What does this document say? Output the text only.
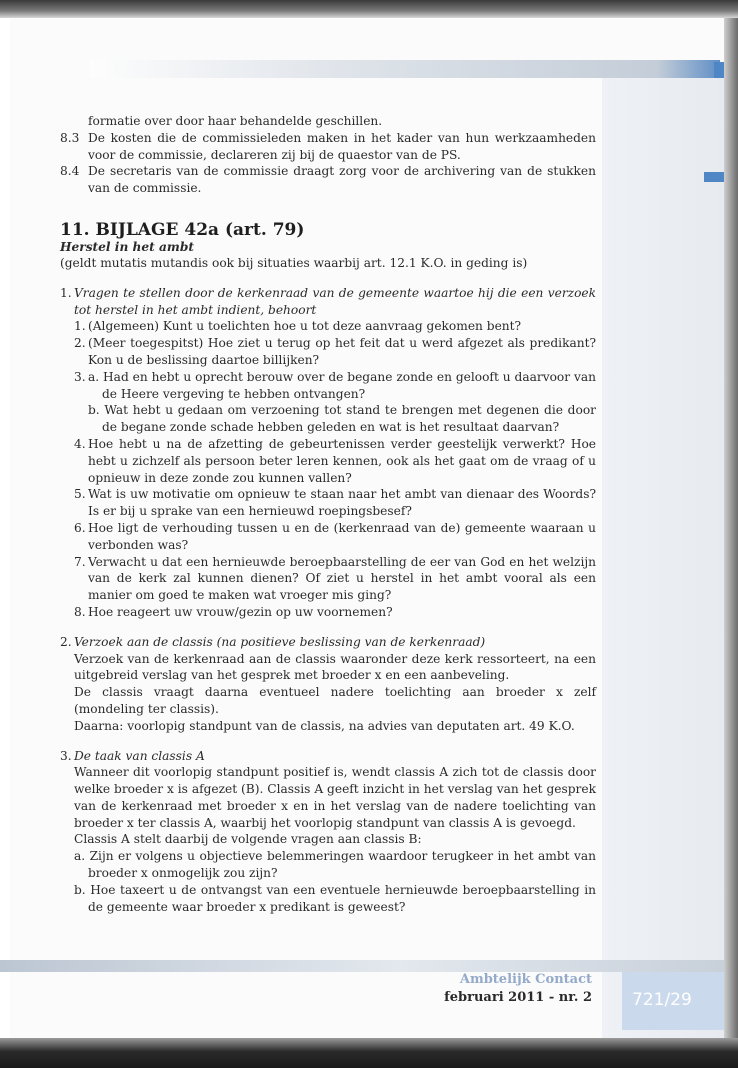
formatie over door haar behandelde geschillen.

8.3 De kosten die de commissieleden maken in het kader van hun werkzaamheden voor de commissie, declareren zij bij de quaestor van de PS.
8.4 De secretaris van de commissie draagt zorg voor de archivering van de stukken van de commissie.
11. BIJLAGE 42a (art. 79)

Herstel in het ambt

(geldt mutatis mutandis ook bij situaties waarbij art. 12.1 K.O. in geding is)

1. Vragen te stellen door de kerkenraad van de gemeente waartoe hij die een verzoek tot herstel in het ambt indient, behoort
1. (Algemeen) Kunt u toelichten hoe u tot deze aanvraag gekomen bent?
2. (Meer toegespitst) Hoe ziet u terug op het feit dat u werd afgezet als predikant? Kon u de beslissing daartoe billijken?
3. a. Had en hebt u oprecht berouw over de begane zonde en gelooft u daarvoor van de Heere vergeving te hebben ontvangen?
b. Wat hebt u gedaan om verzoening tot stand te brengen met degenen die door de begane zonde schade hebben geleden en wat is het resultaat daarvan?
4. Hoe hebt u na de afzetting de gebeurtenissen verder geestelijk verwerkt? Hoe hebt u zichzelf als persoon beter leren kennen, ook als het gaat om de vraag of u opnieuw in deze zonde zou kunnen vallen?
5. Wat is uw motivatie om opnieuw te staan naar het ambt van dienaar des Woords? Is er bij u sprake van een hernieuwd roepingsbesef?
6. Hoe ligt de verhouding tussen u en de (kerkenraad van de) gemeente waaraan u verbonden was?
7. Verwacht u dat een hernieuwde beroepbaarstelling de eer van God en het welzijn van de kerk zal kunnen dienen? Of ziet u herstel in het ambt vooral als een manier om goed te maken wat vroeger mis ging?
8. Hoe reageert uw vrouw/gezin op uw voornemen?
2. Verzoek aan de classis (na positieve beslissing van de kerkenraad)

Verzoek van de kerkenraad aan de classis waaronder deze kerk ressorteert, na een uitgebreid verslag van het gesprek met broeder x en een aanbeveling.

De classis vraagt daarna eventueel nadere toelichting aan broeder x zelf (mondeling ter classis).

Daarna: voorlopig standpunt van de classis, na advies van deputaten art. 49 K.O.

3. De taak van classis A

Wanneer dit voorlopig standpunt positief is, wendt classis A zich tot de classis door welke broeder x is afgezet (B). Classis A geeft inzicht in het verslag van het gesprek van de kerkenraad met broeder x en in het verslag van de nadere toelichting van broeder x ter classis A, waarbij het voorlopig standpunt van classis A is gevoegd.

Classis A stelt daarbij de volgende vragen aan classis B:

a. Zijn er volgens u objectieve belemmeringen waardoor terugkeer in het ambt van broeder x onmogelijk zou zijn?

b. Hoe taxeert u de ontvangst van een eventuele hernieuwde beroepbaarstelling in de gemeente waar broeder x predikant is geweest?

Ambtelijk Contact
februari 2011 - nr. 2 721/29
